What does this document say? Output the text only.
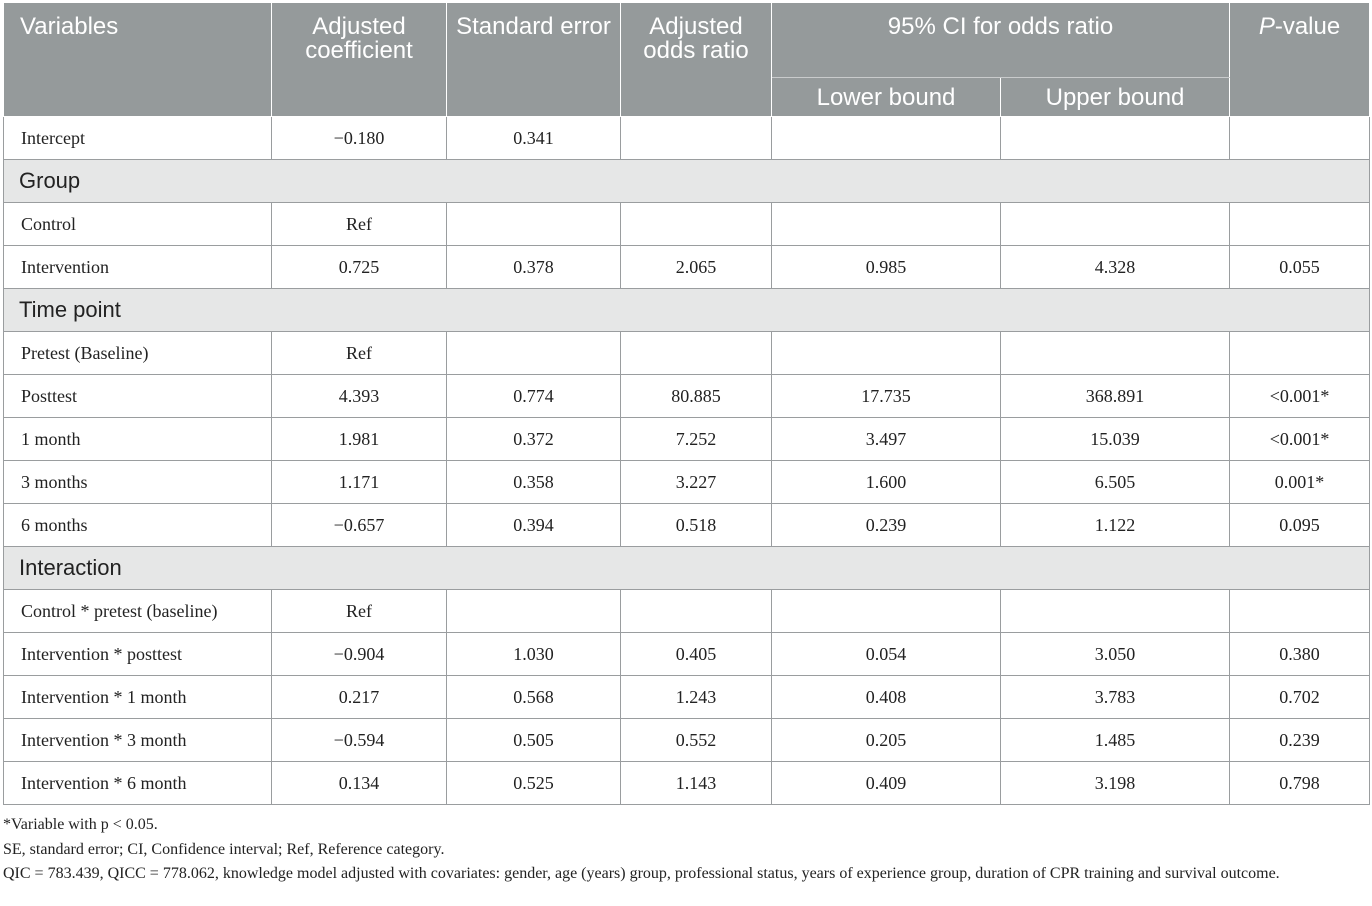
Variables	Adjusted coefficient	Standard error	Adjusted odds ratio	95% CI for odds ratio		P-value
				Lower bound	Upper bound	
Intercept	−0.180	0.341				
Group						
Control	Ref					
Intervention	0.725	0.378	2.065	0.985	4.328	0.055
Time point						
Pretest (Baseline)	Ref					
Posttest	4.393	0.774	80.885	17.735	368.891	<0.001*
1 month	1.981	0.372	7.252	3.497	15.039	<0.001*
3 months	1.171	0.358	3.227	1.600	6.505	0.001*
6 months	−0.657	0.394	0.518	0.239	1.122	0.095
Interaction						
Control * pretest (baseline)	Ref					
Intervention * posttest	−0.904	1.030	0.405	0.054	3.050	0.380
Intervention * 1 month	0.217	0.568	1.243	0.408	3.783	0.702
Intervention * 3 month	−0.594	0.505	0.552	0.205	1.485	0.239
Intervention * 6 month	0.134	0.525	1.143	0.409	3.198	0.798

*Variable with p < 0.05.

SE, standard error; CI, Confidence interval; Ref, Reference category.

QIC = 783.439, QICC = 778.062, knowledge model adjusted with covariates: gender, age (years) group, professional status, years of experience group, duration of CPR training and survival outcome.
